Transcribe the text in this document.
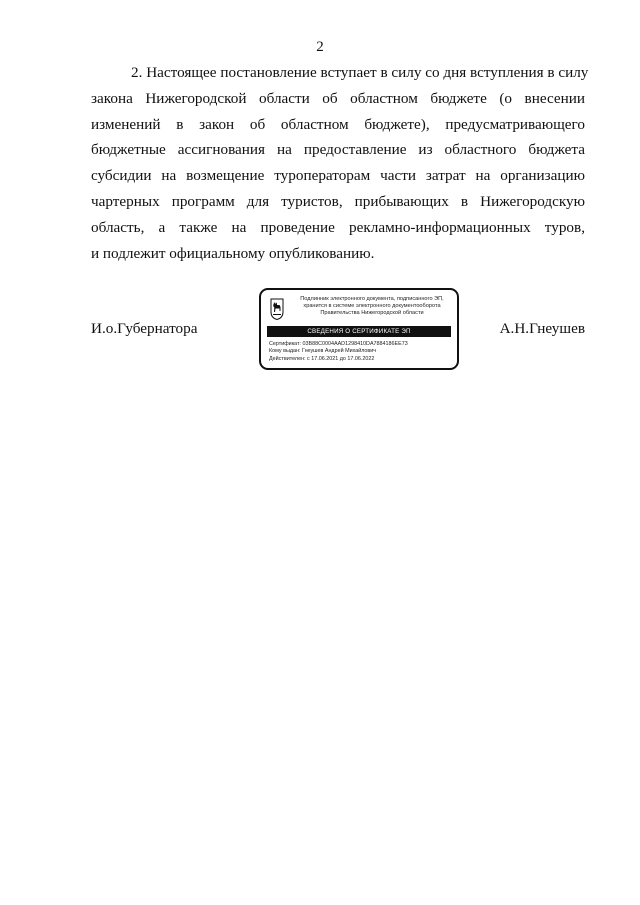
2
2. Настоящее постановление вступает в силу со дня вступления в силу
закона Нижегородской области об областном бюджете (о внесении
изменений в закон об областном бюджете), предусматривающего
бюджетные ассигнования на предоставление из областного бюджета
субсидии на возмещение туроператорам части затрат на организацию
чартерных программ для туристов, прибывающих в Нижегородскую
область, а также на проведение рекламно-информационных туров,
и подлежит официальному опубликованию.
И.о.Губернатора
Подлинник электронного документа, подписанного ЭП,
хранится в системе электронного документооборота
Правительства Нижегородской области
СВЕДЕНИЯ О СЕРТИФИКАТЕ ЭП
Сертификат: 03B88C0004AAD1298410DA7884186EE73
Кому выдан: Гнеушев Андрей Михайлович
Действителен: с 17.06.2021 до 17.06.2022
А.Н.Гнеушев
